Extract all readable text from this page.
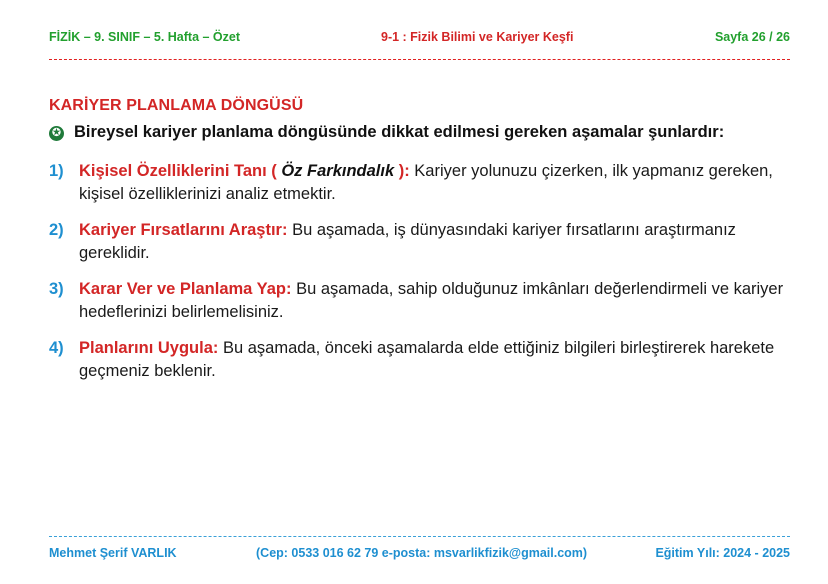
FİZİK – 9. SINIF – 5. Hafta – Özet	9-1 : Fizik Bilimi ve Kariyer Keşfi	Sayfa 26 / 26
KARİYER PLANLAMA DÖNGÜSÜ
✪ Bireysel kariyer planlama döngüsünde dikkat edilmesi gereken aşamalar şunlardır:
1) Kişisel Özelliklerini Tanı ( Öz Farkındalık ): Kariyer yolunuzu çizerken, ilk yapmanız gereken, kişisel özelliklerinizi analiz etmektir.
2) Kariyer Fırsatlarını Araştır: Bu aşamada, iş dünyasındaki kariyer fırsatlarını araştırmanız gereklidir.
3) Karar Ver ve Planlama Yap: Bu aşamada, sahip olduğunuz imkânları değerlendirmeli ve kariyer hedeflerinizi belirlemelisiniz.
4) Planlarını Uygula: Bu aşamada, önceki aşamalarda elde ettiğiniz bilgileri birleştirerek harekete geçmeniz beklenir.
Mehmet Şerif VARLIK	(Cep: 0533 016 62 79 e-posta: msvarlikfizik@gmail.com)	Eğitim Yılı: 2024 - 2025
